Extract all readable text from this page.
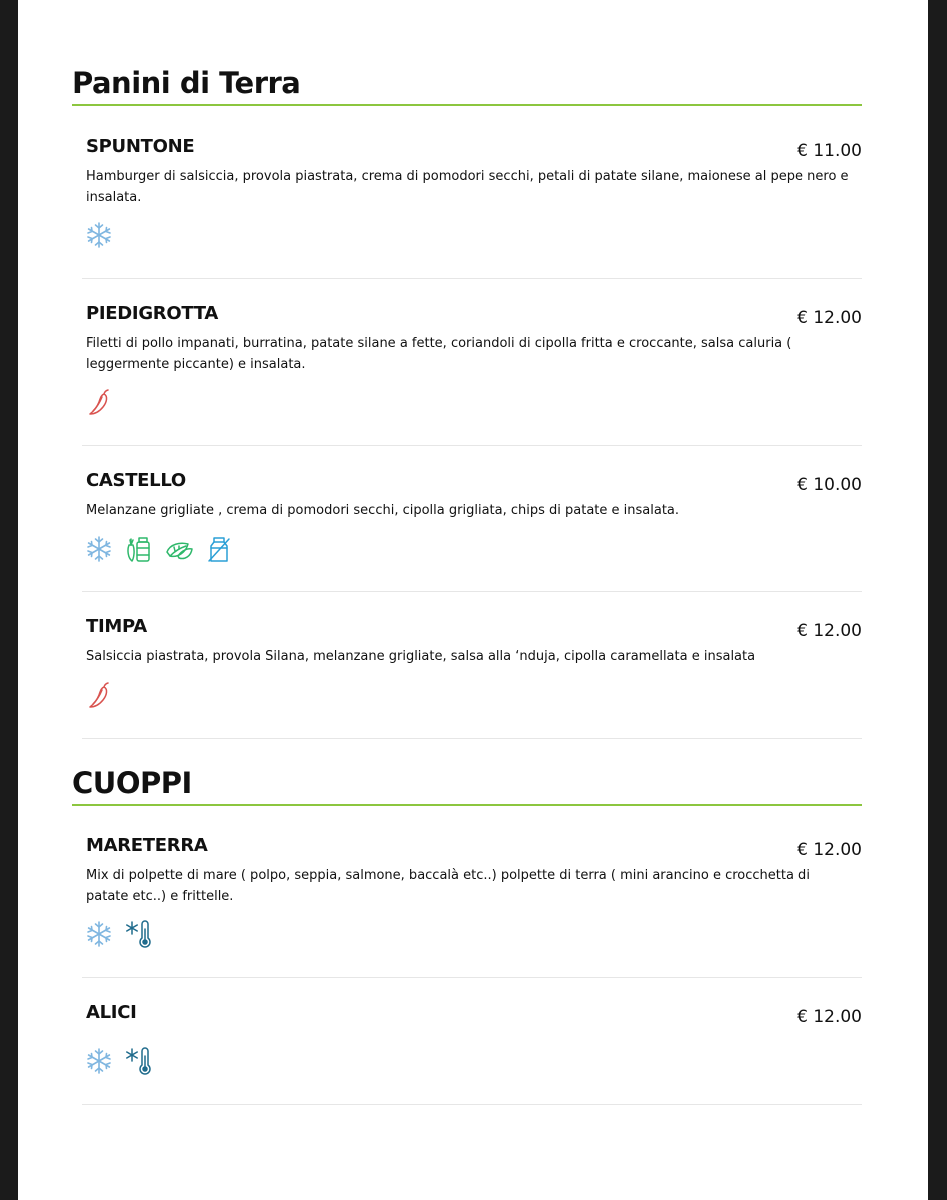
Panini di Terra
SPUNTONE	€ 11.00
Hamburger di salsiccia, provola piastrata, crema di pomodori secchi, petali di patate silane, maionese al pepe nero e insalata.
PIEDIGROTTA	€ 12.00
Filetti di pollo impanati, burratina, patate silane a fette, coriandoli di cipolla fritta e croccante, salsa caluria ( leggermente piccante) e insalata.
CASTELLO	€ 10.00
Melanzane grigliate , crema di pomodori secchi, cipolla grigliata, chips di patate e insalata.
TIMPA	€ 12.00
Salsiccia piastrata, provola Silana, melanzane grigliate, salsa alla ‘nduja, cipolla caramellata e insalata
CUOPPI
MARETERRA	€ 12.00
Mix di polpette di mare ( polpo, seppia, salmone, baccalà etc..) polpette di terra ( mini arancino e crocchetta di patate etc..) e frittelle.
ALICI	€ 12.00
